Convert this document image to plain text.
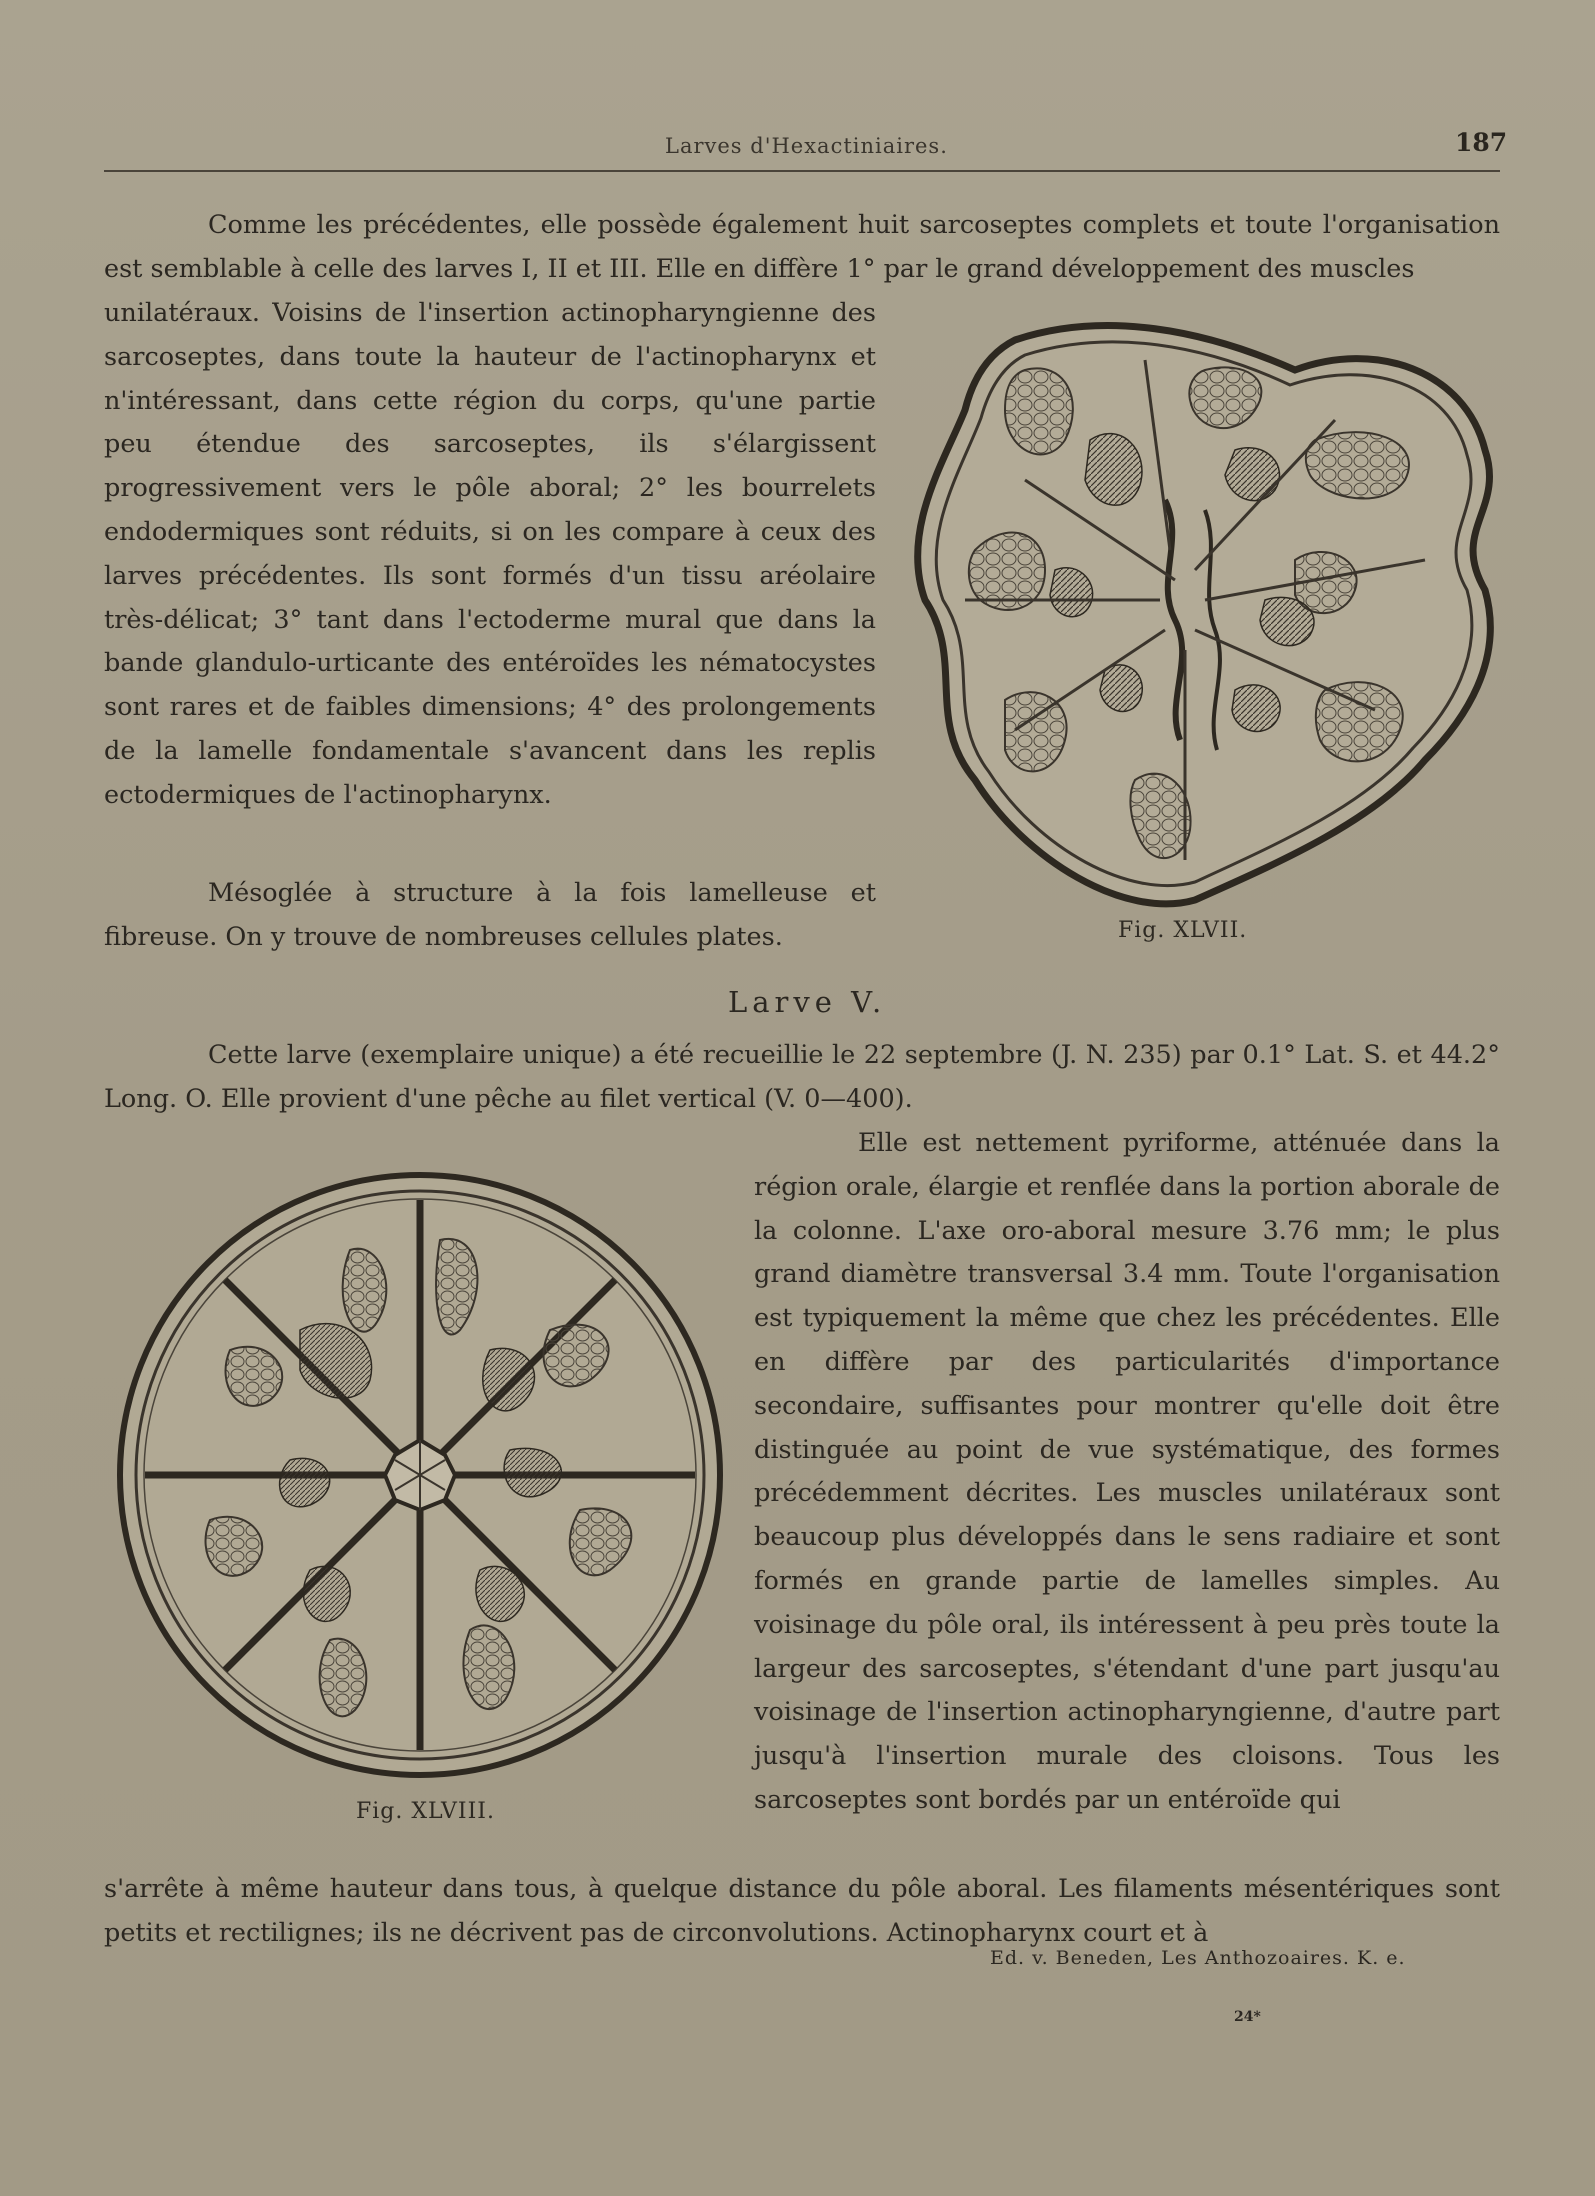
Larves d'Hexactiniaires.	187

Comme les précédentes, elle possède également huit sarcoseptes complets et toute l'organisation est semblable à celle des larves I, II et III. Elle en diffère 1° par le grand développement des muscles

unilatéraux. Voisins de l'insertion actinopharyngienne des sarcoseptes, dans toute la hauteur de l'actinopharynx et n'intéressant, dans cette région du corps, qu'une partie peu étendue des sarcoseptes, ils s'élargissent progressivement vers le pôle aboral; 2° les bourrelets endodermiques sont réduits, si on les compare à ceux des larves précédentes. Ils sont formés d'un tissu aréolaire très-délicat; 3° tant dans l'ectoderme mural que dans la bande glandulo-urticante des entéroïdes les nématocystes sont rares et de faibles dimensions; 4° des prolongements de la lamelle fondamentale s'avancent dans les replis ectodermiques de l'actinopharynx.

Mésoglée à structure à la fois lamelleuse et fibreuse. On y trouve de nombreuses cellules plates.	Fig. XLVII.
Larve V.

Cette larve (exemplaire unique) a été recueillie le 22 septembre (J. N. 235) par 0.1° Lat. S. et 44.2° Long. O. Elle provient d'une pêche au filet vertical (V. 0—400).

Fig. XLVIII.

Elle est nettement pyriforme, atténuée dans la région orale, élargie et renflée dans la portion aborale de la colonne. L'axe oro-aboral mesure 3.76 mm; le plus grand diamètre transversal 3.4 mm. Toute l'organisation est typiquement la même que chez les précédentes. Elle en diffère par des particularités d'importance secondaire, suffisantes pour montrer qu'elle doit être distinguée au point de vue systématique, des formes précédemment décrites. Les muscles unilatéraux sont beaucoup plus développés dans le sens radiaire et sont formés en grande partie de lamelles simples. Au voisinage du pôle oral, ils intéressent à peu près toute la largeur des sarcoseptes, s'étendant d'une part jusqu'au voisinage de l'insertion actinopharyngienne, d'autre part jusqu'à l'insertion murale des cloisons. Tous les sarcoseptes sont bordés par un entéroïde qui

s'arrête à même hauteur dans tous, à quelque distance du pôle aboral. Les filaments mésentériques sont petits et rectilignes; ils ne décrivent pas de circonvolutions. Actinopharynx court et à

Ed. v. Beneden, Les Anthozoaires. K. e.
24*
